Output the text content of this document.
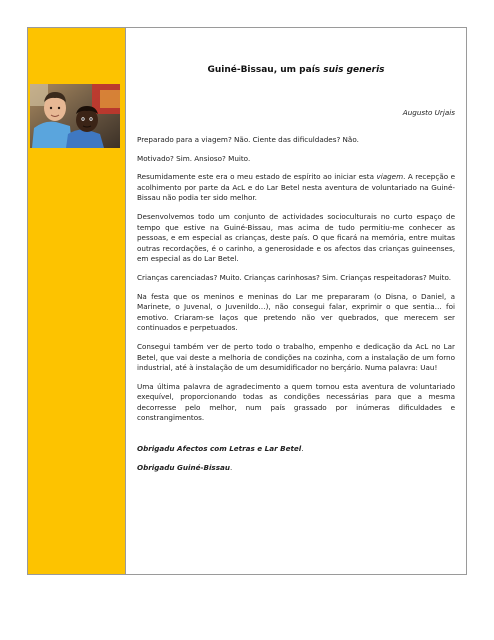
Guiné-Bissau, um país suis generis

Augusto Urjais

Preparado para a viagem? Não. Ciente das dificuldades? Não.

Motivado? Sim. Ansioso? Muito.

Resumidamente este era o meu estado de espírito ao iniciar esta viagem. A recepção e acolhimento por parte da AcL e do Lar Betel nesta aventura de voluntariado na Guiné-Bissau não podia ter sido melhor.

Desenvolvemos todo um conjunto de actividades socioculturais no curto espaço de tempo que estive na Guiné-Bissau, mas acima de tudo permitiu-me conhecer as pessoas, e em especial as crianças, deste país. O que ficará na memória, entre muitas outras recordações, é o carinho, a generosidade e os afectos das crianças guineenses, em especial as do Lar Betel.

Crianças carenciadas? Muito. Crianças carinhosas? Sim. Crianças respeitadoras? Muito.

Na festa que os meninos e meninas do Lar me prepararam (o Disna, o Daniel, a Marinete, o Juvenal, o Juvenildo…), não consegui falar, exprimir o que sentia… foi emotivo. Criaram-se laços que pretendo não ver quebrados, que merecem ser continuados e perpetuados.

Consegui também ver de perto todo o trabalho, empenho e dedicação da AcL no Lar Betel, que vai deste a melhoria de condições na cozinha, com a instalação de um forno industrial, até à instalação de um desumidificador no berçário. Numa palavra: Uau!

Uma última palavra de agradecimento a quem tornou esta aventura de voluntariado exequível, proporcionando todas as condições necessárias para que a mesma decorresse pelo melhor, num país grassado por inúmeras dificuldades e constrangimentos.

Obrigadu Afectos com Letras e Lar Betel.

Obrigadu Guiné-Bissau.
